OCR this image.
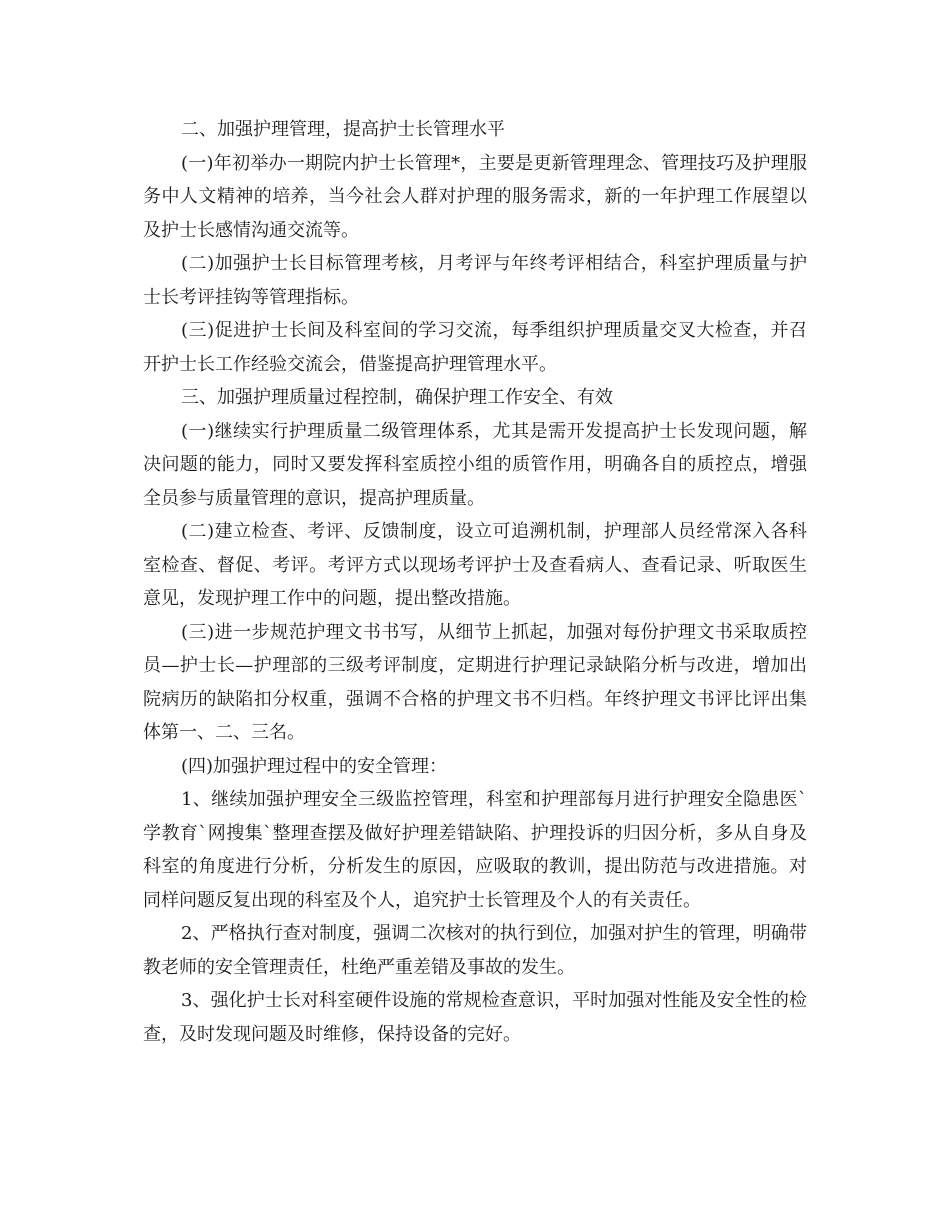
二、加强护理管理，提高护士长管理水平

(一)年初举办一期院内护士长管理*，主要是更新管理理念、管理技巧及护理服务中人文精神的培养，当今社会人群对护理的服务需求，新的一年护理工作展望以及护士长感情沟通交流等。

(二)加强护士长目标管理考核，月考评与年终考评相结合，科室护理质量与护士长考评挂钩等管理指标。

(三)促进护士长间及科室间的学习交流，每季组织护理质量交叉大检查，并召开护士长工作经验交流会，借鉴提高护理管理水平。

三、加强护理质量过程控制，确保护理工作安全、有效

(一)继续实行护理质量二级管理体系，尤其是需开发提高护士长发现问题，解决问题的能力，同时又要发挥科室质控小组的质管作用，明确各自的质控点，增强全员参与质量管理的意识，提高护理质量。

(二)建立检查、考评、反馈制度，设立可追溯机制，护理部人员经常深入各科室检查、督促、考评。考评方式以现场考评护士及查看病人、查看记录、听取医生意见，发现护理工作中的问题，提出整改措施。

(三)进一步规范护理文书书写，从细节上抓起，加强对每份护理文书采取质控员—护士长—护理部的三级考评制度，定期进行护理记录缺陷分析与改进，增加出院病历的缺陷扣分权重，强调不合格的护理文书不归档。年终护理文书评比评出集体第一、二、三名。

(四)加强护理过程中的安全管理：

1、继续加强护理安全三级监控管理，科室和护理部每月进行护理安全隐患医`学教育`网搜集`整理查摆及做好护理差错缺陷、护理投诉的归因分析，多从自身及科室的角度进行分析，分析发生的原因，应吸取的教训，提出防范与改进措施。对同样问题反复出现的科室及个人，追究护士长管理及个人的有关责任。

2、严格执行查对制度，强调二次核对的执行到位，加强对护生的管理，明确带教老师的安全管理责任，杜绝严重差错及事故的发生。

3、强化护士长对科室硬件设施的常规检查意识，平时加强对性能及安全性的检查，及时发现问题及时维修，保持设备的完好。
